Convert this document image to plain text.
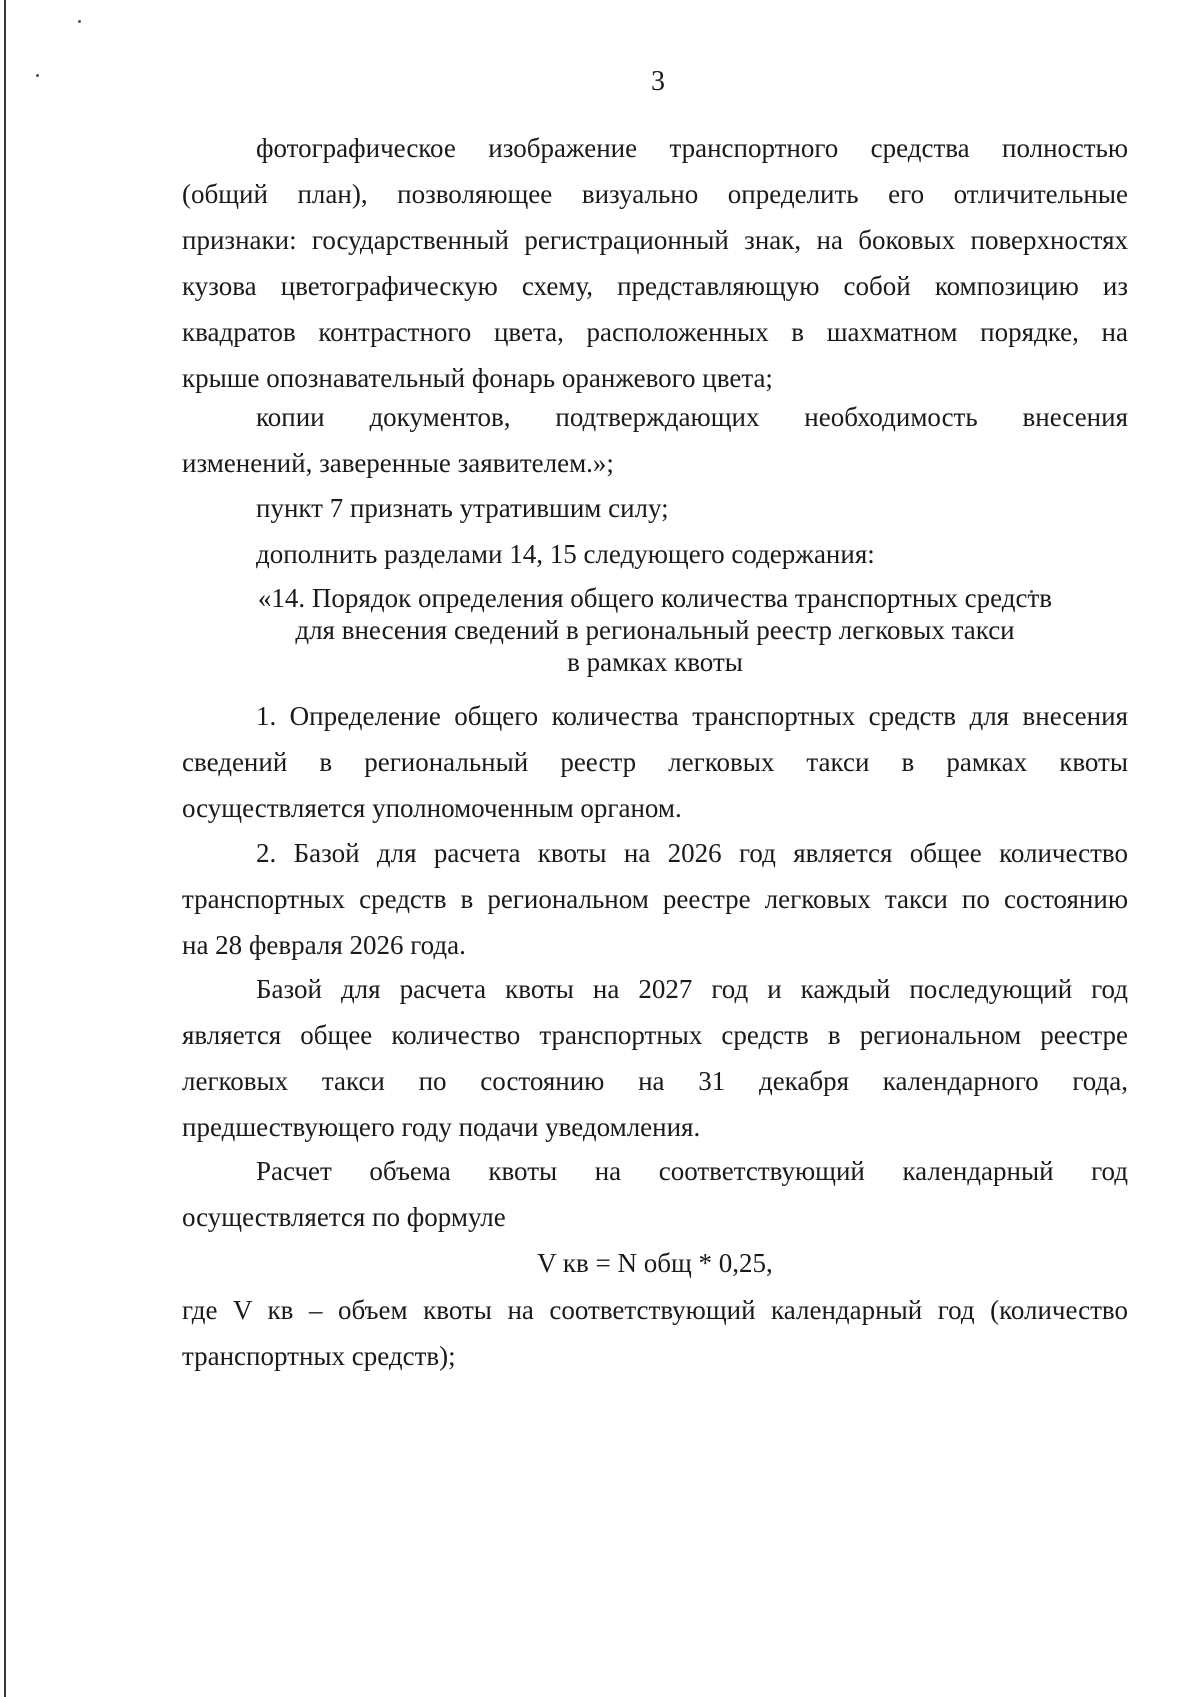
3
фотографическое изображение транспортного средства полностью
(общий план), позволяющее визуально определить его отличительные
признаки: государственный регистрационный знак, на боковых поверхностях
кузова цветографическую схему, представляющую собой композицию из
квадратов контрастного цвета, расположенных в шахматном порядке, на
крыше опознавательный фонарь оранжевого цвета;
копии документов, подтверждающих необходимость внесения
изменений, заверенные заявителем.»;
пункт 7 признать утратившим силу;
дополнить разделами 14, 15 следующего содержания:
«14. Порядок определения общего количества транспортных средств
для внесения сведений в региональный реестр легковых такси
в рамках квоты
1. Определение общего количества транспортных средств для внесения
сведений в региональный реестр легковых такси в рамках квоты
осуществляется уполномоченным органом.
2. Базой для расчета квоты на 2026 год является общее количество
транспортных средств в региональном реестре легковых такси по состоянию
на 28 февраля 2026 года.
Базой для расчета квоты на 2027 год и каждый последующий год
является общее количество транспортных средств в региональном реестре
легковых такси по состоянию на 31 декабря календарного года,
предшествующего году подачи уведомления.
Расчет объема квоты на соответствующий календарный год
осуществляется по формуле
V кв = N общ * 0,25,
где V кв – объем квоты на соответствующий календарный год (количество
транспортных средств);
